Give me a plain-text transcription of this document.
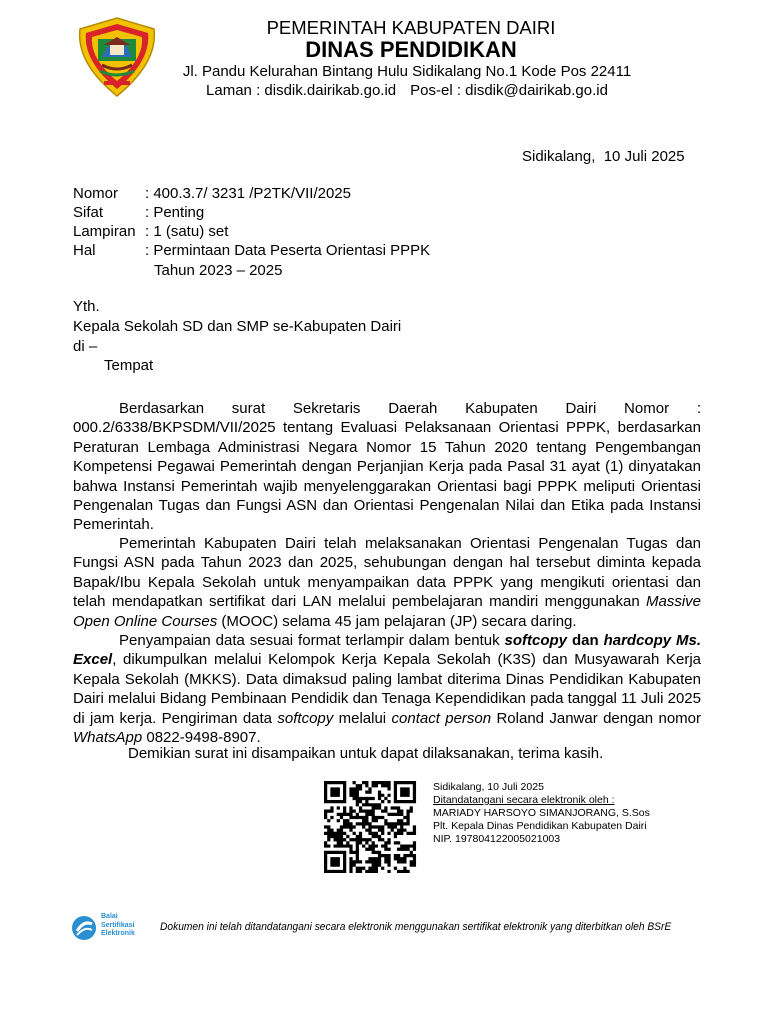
PEMERINTAH KABUPATEN DAIRI
DINAS PENDIDIKAN
Jl. Pandu Kelurahan Bintang Hulu Sidikalang No.1 Kode Pos 22411
Laman : disdik.dairikab.go.id Pos-el : disdik@dairikab.go.id
Sidikalang,  10 Juli 2025
Nomor : 400.3.7/ 3231 /P2TK/VII/2025
Sifat	: Penting
Lampiran : 1 (satu) set
Hal	: Permintaan Data Peserta Orientasi PPPK
Tahun 2023 – 2025
Yth.
Kepala Sekolah SD dan SMP se-Kabupaten Dairi
di –
Tempat
Berdasarkan surat Sekretaris Daerah Kabupaten Dairi Nomor : 000.2/6338/BKPSDM/VII/2025 tentang Evaluasi Pelaksanaan Orientasi PPPK, berdasarkan Peraturan Lembaga Administrasi Negara Nomor 15 Tahun 2020 tentang Pengembangan Kompetensi Pegawai Pemerintah dengan Perjanjian Kerja pada Pasal 31 ayat (1) dinyatakan bahwa Instansi Pemerintah wajib menyelenggarakan Orientasi bagi PPPK meliputi Orientasi Pengenalan Tugas dan Fungsi ASN dan Orientasi Pengenalan Nilai dan Etika pada Instansi Pemerintah.
Pemerintah Kabupaten Dairi telah melaksanakan Orientasi Pengenalan Tugas dan Fungsi ASN pada Tahun 2023 dan 2025, sehubungan dengan hal tersebut diminta kepada Bapak/Ibu Kepala Sekolah untuk menyampaikan data PPPK yang mengikuti orientasi dan telah mendapatkan sertifikat dari LAN melalui pembelajaran mandiri menggunakan Massive Open Online Courses (MOOC) selama 45 jam pelajaran (JP) secara daring.
Penyampaian data sesuai format terlampir dalam bentuk softcopy dan hardcopy Ms. Excel, dikumpulkan melalui Kelompok Kerja Kepala Sekolah (K3S) dan Musyawarah Kerja Kepala Sekolah (MKKS). Data dimaksud paling lambat diterima Dinas Pendidikan Kabupaten Dairi melalui Bidang Pembinaan Pendidik dan Tenaga Kependidikan pada tanggal 11 Juli 2025 di jam kerja. Pengiriman data softcopy melalui contact person Roland Janwar dengan nomor WhatsApp 0822-9498-8907.
Demikian surat ini disampaikan untuk dapat dilaksanakan, terima kasih.
Sidikalang, 10 Juli 2025
Ditandatangani secara elektronik oleh :
MARIADY HARSOYO SIMANJORANG, S.Sos
Plt. Kepala Dinas Pendidikan Kabupaten Dairi
NIP. 197804122005021003
Balai
Sertifikasi
Elektronik
Dokumen ini telah ditandatangani secara elektronik menggunakan sertifikat elektronik yang diterbitkan oleh BSrE
